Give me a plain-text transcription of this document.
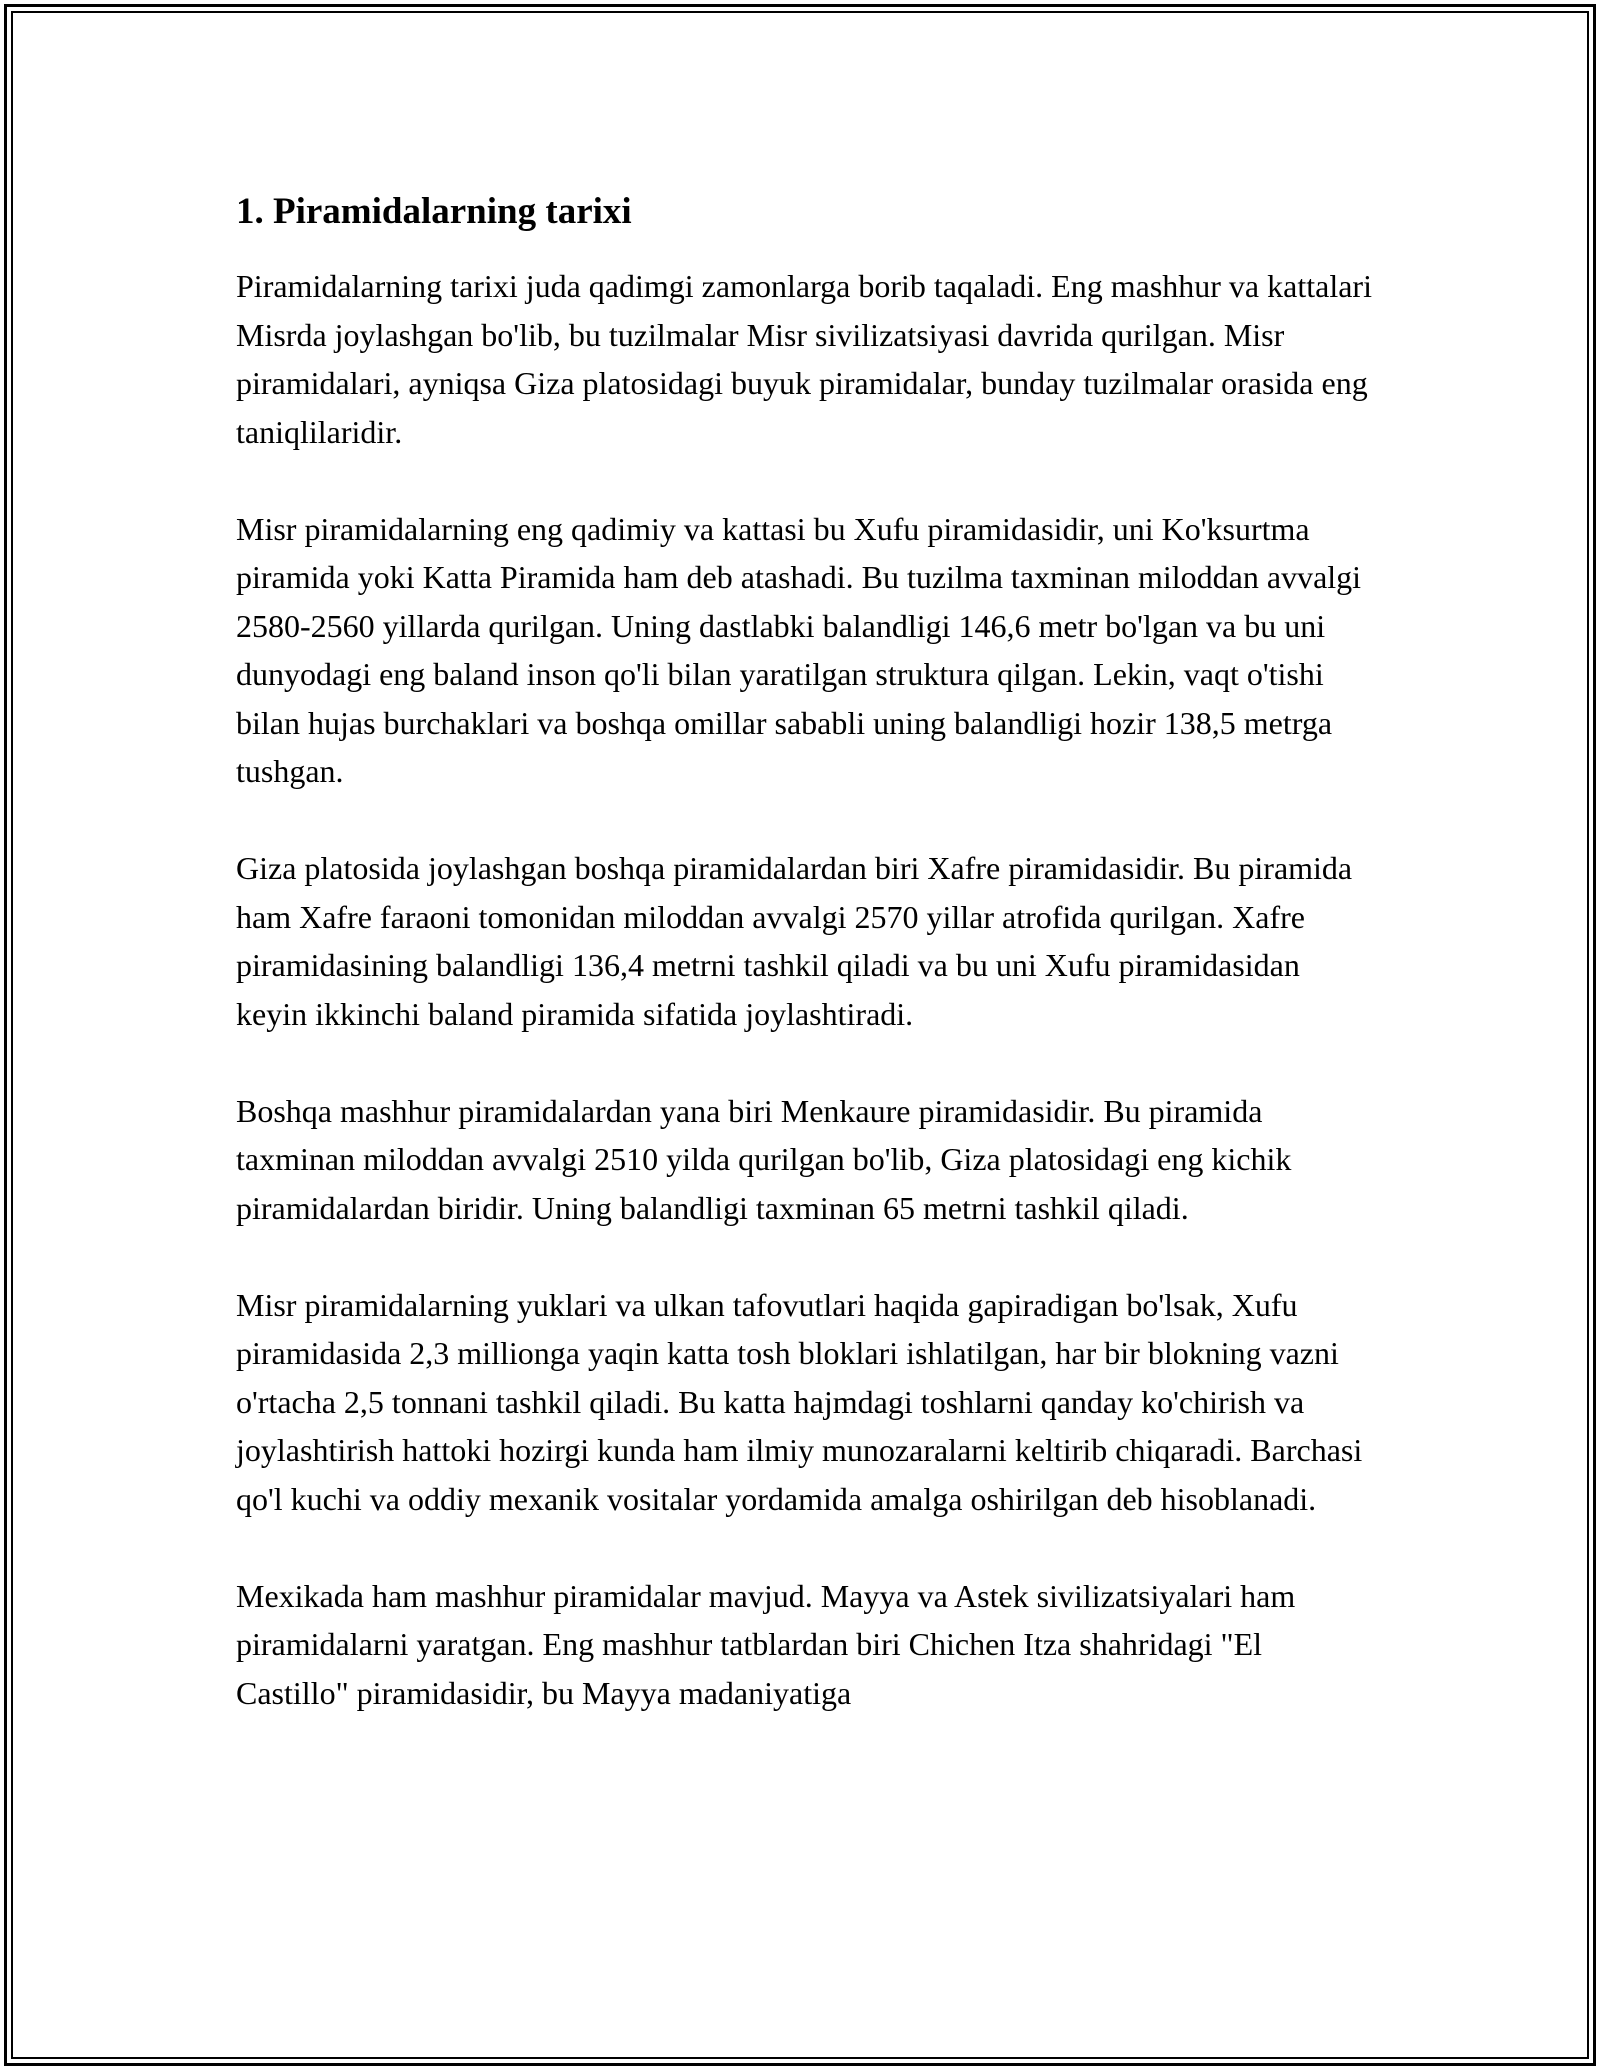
1. Piramidalarning tarixi

Piramidalarning tarixi juda qadimgi zamonlarga borib taqaladi. Eng mashhur va kattalari Misrda joylashgan bo'lib, bu tuzilmalar Misr sivilizatsiyasi davrida qurilgan. Misr piramidalari, ayniqsa Giza platosidagi buyuk piramidalar, bunday tuzilmalar orasida eng taniqlilaridir.

Misr piramidalarning eng qadimiy va kattasi bu Xufu piramidasidir, uni Ko'ksurtma piramida yoki Katta Piramida ham deb atashadi. Bu tuzilma taxminan miloddan avvalgi 2580-2560 yillarda qurilgan. Uning dastlabki balandligi 146,6 metr bo'lgan va bu uni dunyodagi eng baland inson qo'li bilan yaratilgan struktura qilgan. Lekin, vaqt o'tishi bilan hujas burchaklari va boshqa omillar sababli uning balandligi hozir 138,5 metrga tushgan.

Giza platosida joylashgan boshqa piramidalardan biri Xafre piramidasidir. Bu piramida ham Xafre faraoni tomonidan miloddan avvalgi 2570 yillar atrofida qurilgan. Xafre piramidasining balandligi 136,4 metrni tashkil qiladi va bu uni Xufu piramidasidan keyin ikkinchi baland piramida sifatida joylashtiradi.

Boshqa mashhur piramidalardan yana biri Menkaure piramidasidir. Bu piramida taxminan miloddan avvalgi 2510 yilda qurilgan bo'lib, Giza platosidagi eng kichik piramidalardan biridir. Uning balandligi taxminan 65 metrni tashkil qiladi.

Misr piramidalarning yuklari va ulkan tafovutlari haqida gapiradigan bo'lsak, Xufu piramidasida 2,3 millionga yaqin katta tosh bloklari ishlatilgan, har bir blokning vazni o'rtacha 2,5 tonnani tashkil qiladi. Bu katta hajmdagi toshlarni qanday ko'chirish va joylashtirish hattoki hozirgi kunda ham ilmiy munozaralarni keltirib chiqaradi. Barchasi qo'l kuchi va oddiy mexanik vositalar yordamida amalga oshirilgan deb hisoblanadi.

Mexikada ham mashhur piramidalar mavjud. Mayya va Astek sivilizatsiyalari ham piramidalarni yaratgan. Eng mashhur tatblardan biri Chichen Itza shahridagi "El Castillo" piramidasidir, bu Mayya madaniyatiga
